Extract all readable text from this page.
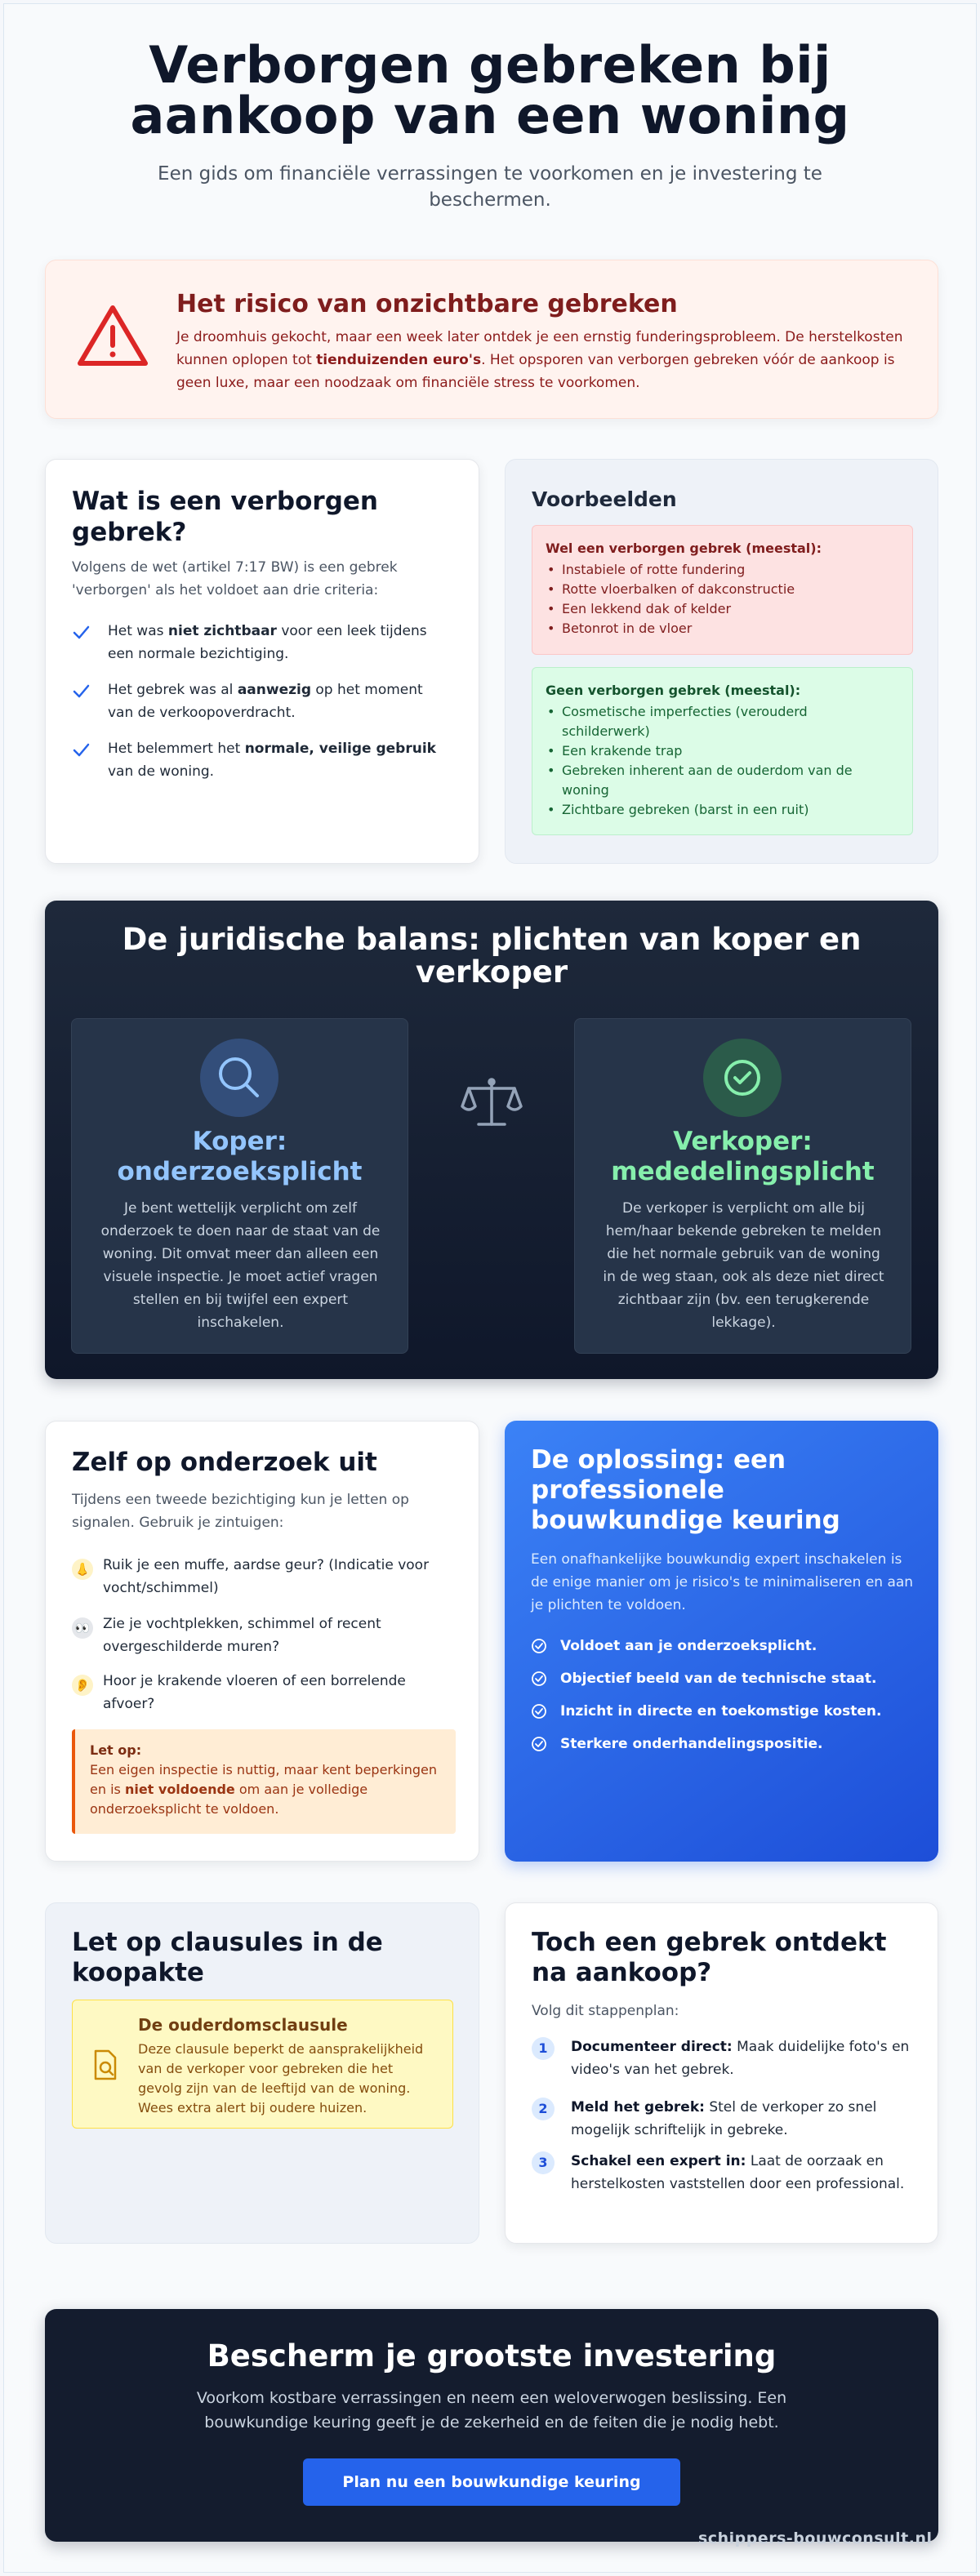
Verborgen gebreken bij
aankoop van een woning

Een gids om financiële verrassingen te voorkomen en je investering te beschermen.

Het risico van onzichtbare gebreken

Je droomhuis gekocht, maar een week later ontdek je een ernstig funderingsprobleem. De herstelkosten kunnen oplopen tot tienduizenden euro's. Het opsporen van verborgen gebreken vóór de aankoop is geen luxe, maar een noodzaak om financiële stress te voorkomen.

Wat is een verborgen gebrek?

Volgens de wet (artikel 7:17 BW) is een gebrek 'verborgen' als het voldoet aan drie criteria:

Het was niet zichtbaar voor een leek tijdens een normale bezichtiging.
Het gebrek was al aanwezig op het moment van de verkoopoverdracht.
Het belemmert het normale, veilige gebruik van de woning.
Voorbeelden
Wel een verborgen gebrek (meestal):
• Instabiele of rotte fundering
• Rotte vloerbalken of dakconstructie
• Een lekkend dak of kelder
• Betonrot in de vloer
Geen verborgen gebrek (meestal):
• Cosmetische imperfecties (verouderd schilderwerk)
• Een krakende trap
• Gebreken inherent aan de ouderdom van de woning
• Zichtbare gebreken (barst in een ruit)
De juridische balans: plichten van koper en verkoper
Koper: onderzoeksplicht

Je bent wettelijk verplicht om zelf onderzoek te doen naar de staat van de woning. Dit omvat meer dan alleen een visuele inspectie. Je moet actief vragen stellen en bij twijfel een expert inschakelen.

Verkoper: mededelingsplicht

De verkoper is verplicht om alle bij hem/haar bekende gebreken te melden die het normale gebruik van de woning in de weg staan, ook als deze niet direct zichtbaar zijn (bv. een terugkerende lekkage).

Zelf op onderzoek uit

Tijdens een tweede bezichtiging kun je letten op signalen. Gebruik je zintuigen:

👃 Ruik je een muffe, aardse geur? (Indicatie voor vocht/schimmel)
👀 Zie je vochtplekken, schimmel of recent overgeschilderde muren?
👂 Hoor je krakende vloeren of een borrelende afvoer?
Let op:
Een eigen inspectie is nuttig, maar kent beperkingen en is niet voldoende om aan je volledige onderzoeksplicht te voldoen.
De oplossing: een professionele bouwkundige keuring

Een onafhankelijke bouwkundig expert inschakelen is de enige manier om je risico's te minimaliseren en aan je plichten te voldoen.

Voldoet aan je onderzoeksplicht.
Objectief beeld van de technische staat.
Inzicht in directe en toekomstige kosten.
Sterkere onderhandelingspositie.
Let op clausules in de koopakte
De ouderdomsclausule
Deze clausule beperkt de aansprakelijkheid van de verkoper voor gebreken die het gevolg zijn van de leeftijd van de woning. Wees extra alert bij oudere huizen.
Toch een gebrek ontdekt na aankoop?

Volg dit stappenplan:

1	Documenteer direct: Maak duidelijke foto's en video's van het gebrek.
2	Meld het gebrek: Stel de verkoper zo snel mogelijk schriftelijk in gebreke.
3	Schakel een expert in: Laat de oorzaak en herstelkosten vaststellen door een professional.
Bescherm je grootste investering

Voorkom kostbare verrassingen en neem een weloverwogen beslissing. Een bouwkundige keuring geeft je de zekerheid en de feiten die je nodig hebt.

Plan nu een bouwkundige keuring
schippers-bouwconsult.nl
